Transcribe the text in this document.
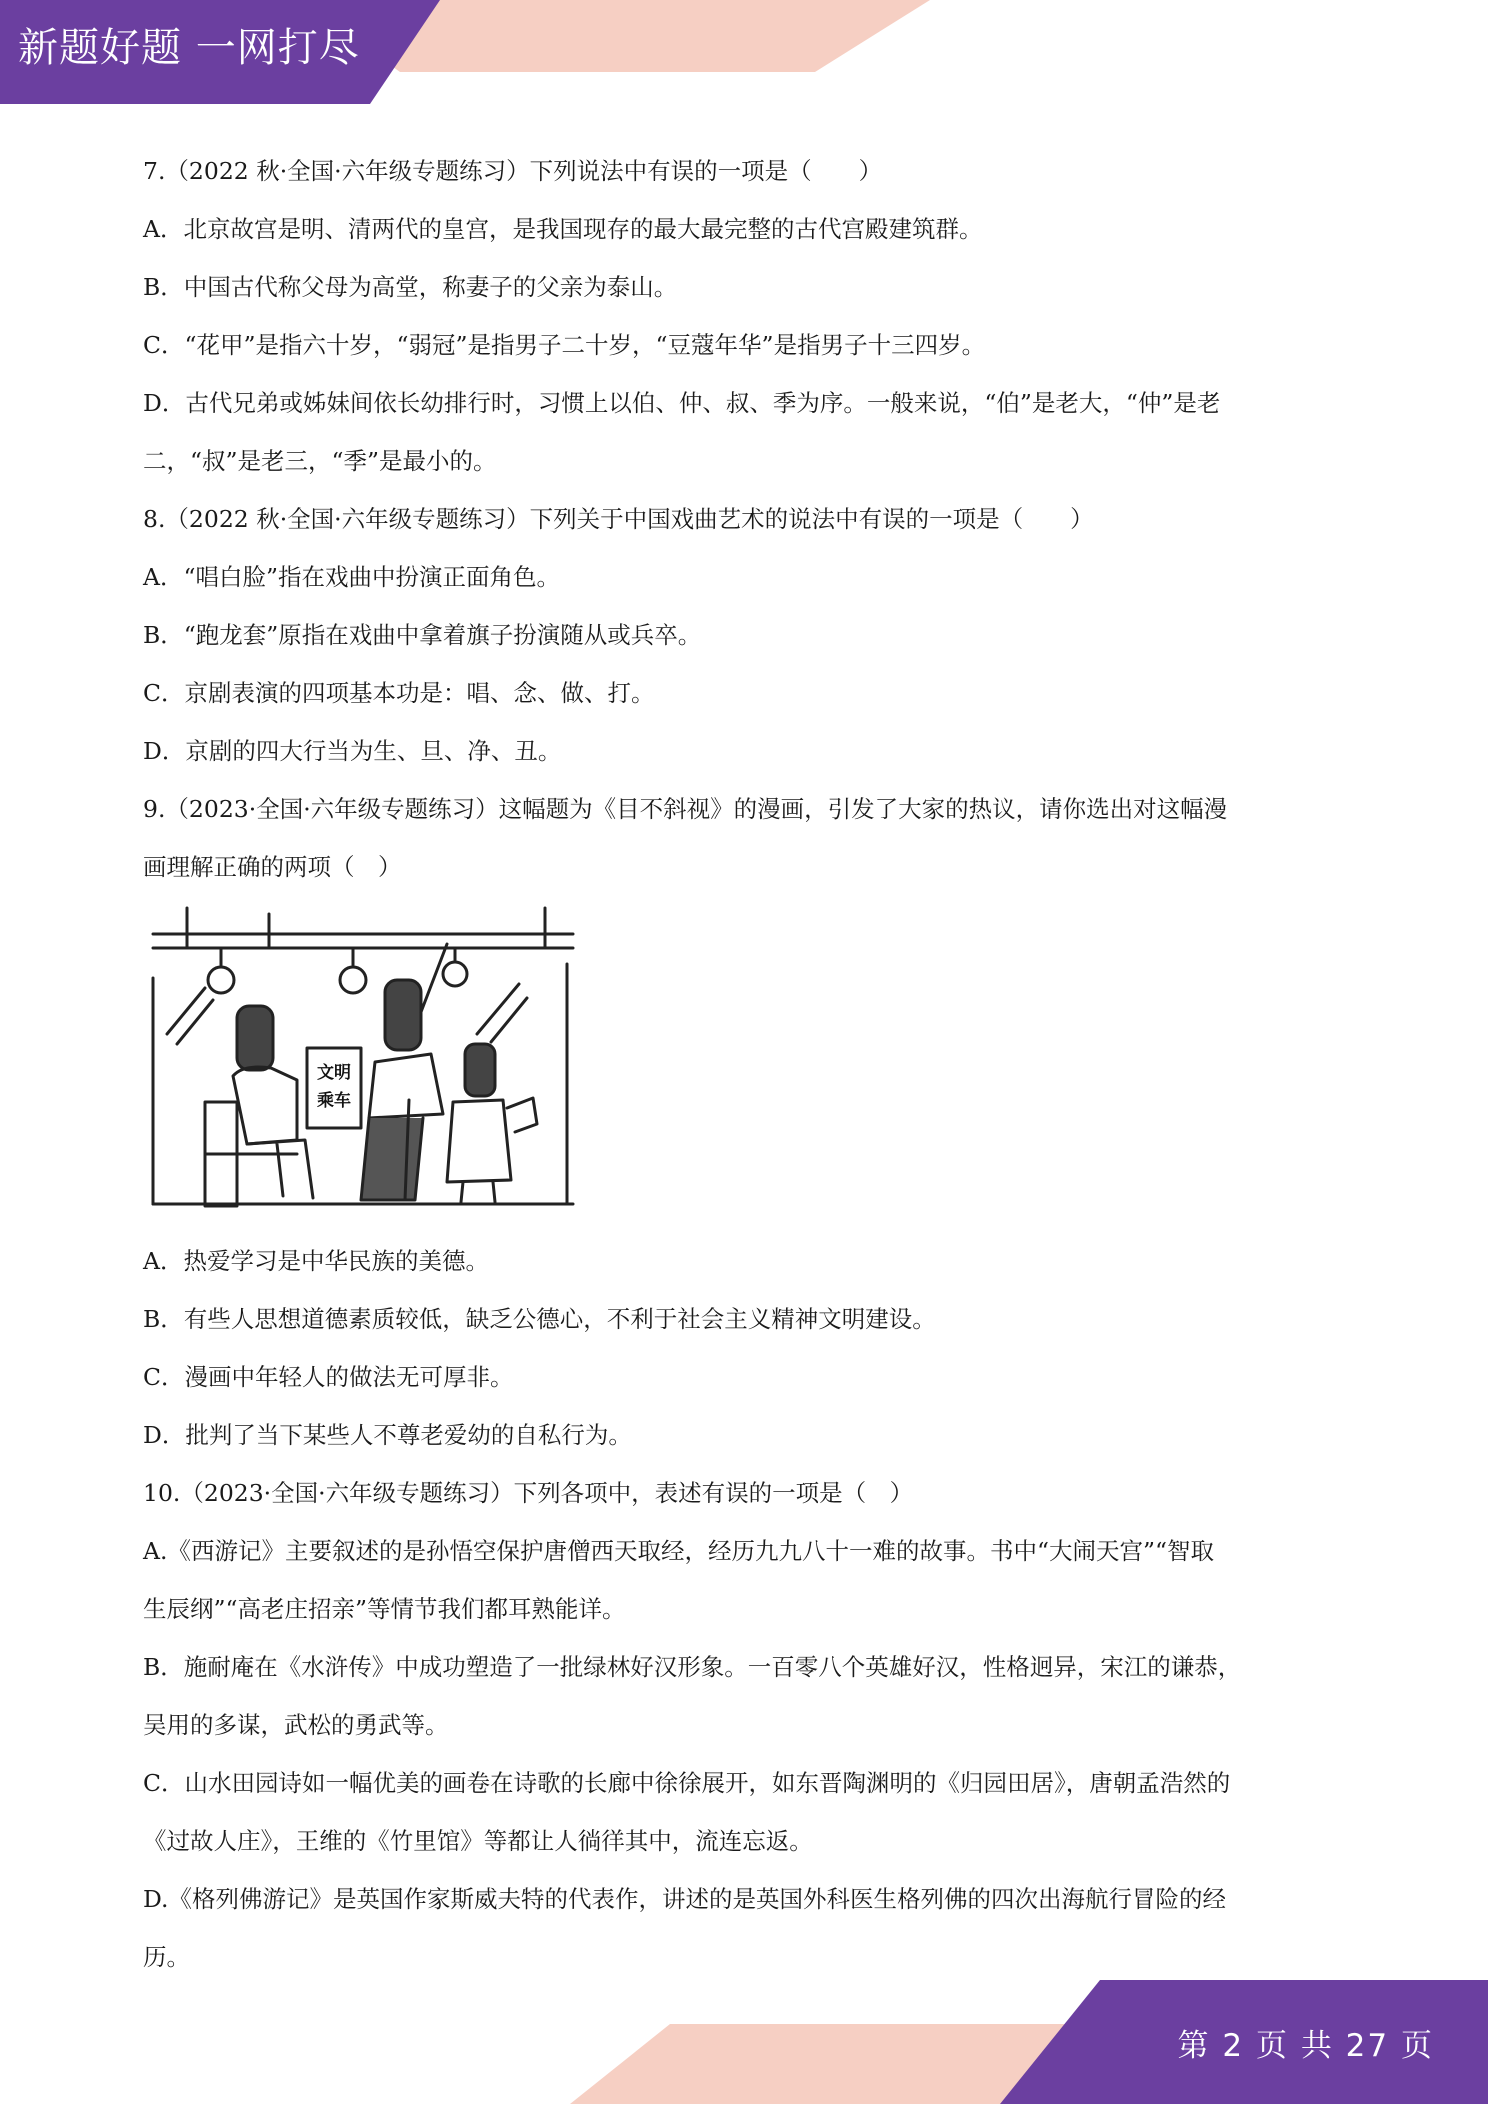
新题好题 一网打尽
第 2 页 共 27 页
7.（2022 秋·全国·六年级专题练习）下列说法中有误的一项是（　　）
A．北京故宫是明、清两代的皇宫，是我国现存的最大最完整的古代宫殿建筑群。
B．中国古代称父母为高堂，称妻子的父亲为泰山。
C．“花甲”是指六十岁，“弱冠”是指男子二十岁，“豆蔻年华”是指男子十三四岁。
D．古代兄弟或姊妹间依长幼排行时，习惯上以伯、仲、叔、季为序。一般来说，“伯”是老大，“仲”是老
二，“叔”是老三，“季”是最小的。
8.（2022 秋·全国·六年级专题练习）下列关于中国戏曲艺术的说法中有误的一项是（　　）
A．“唱白脸”指在戏曲中扮演正面角色。
B．“跑龙套”原指在戏曲中拿着旗子扮演随从或兵卒。
C．京剧表演的四项基本功是：唱、念、做、打。
D．京剧的四大行当为生、旦、净、丑。
9.（2023·全国·六年级专题练习）这幅题为《目不斜视》的漫画，引发了大家的热议，请你选出对这幅漫
画理解正确的两项（　）
文明
乘车
A．热爱学习是中华民族的美德。
B．有些人思想道德素质较低，缺乏公德心，不利于社会主义精神文明建设。
C．漫画中年轻人的做法无可厚非。
D．批判了当下某些人不尊老爱幼的自私行为。
10.（2023·全国·六年级专题练习）下列各项中，表述有误的一项是（　）
A.《西游记》主要叙述的是孙悟空保护唐僧西天取经，经历九九八十一难的故事。书中“大闹天宫”“智取
生辰纲”“高老庄招亲”等情节我们都耳熟能详。
B．施耐庵在《水浒传》中成功塑造了一批绿林好汉形象。一百零八个英雄好汉，性格迥异，宋江的谦恭，
吴用的多谋，武松的勇武等。
C．山水田园诗如一幅优美的画卷在诗歌的长廊中徐徐展开，如东晋陶渊明的《归园田居》，唐朝孟浩然的
《过故人庄》，王维的《竹里馆》等都让人徜徉其中，流连忘返。
D.《格列佛游记》是英国作家斯威夫特的代表作，讲述的是英国外科医生格列佛的四次出海航行冒险的经
历。
